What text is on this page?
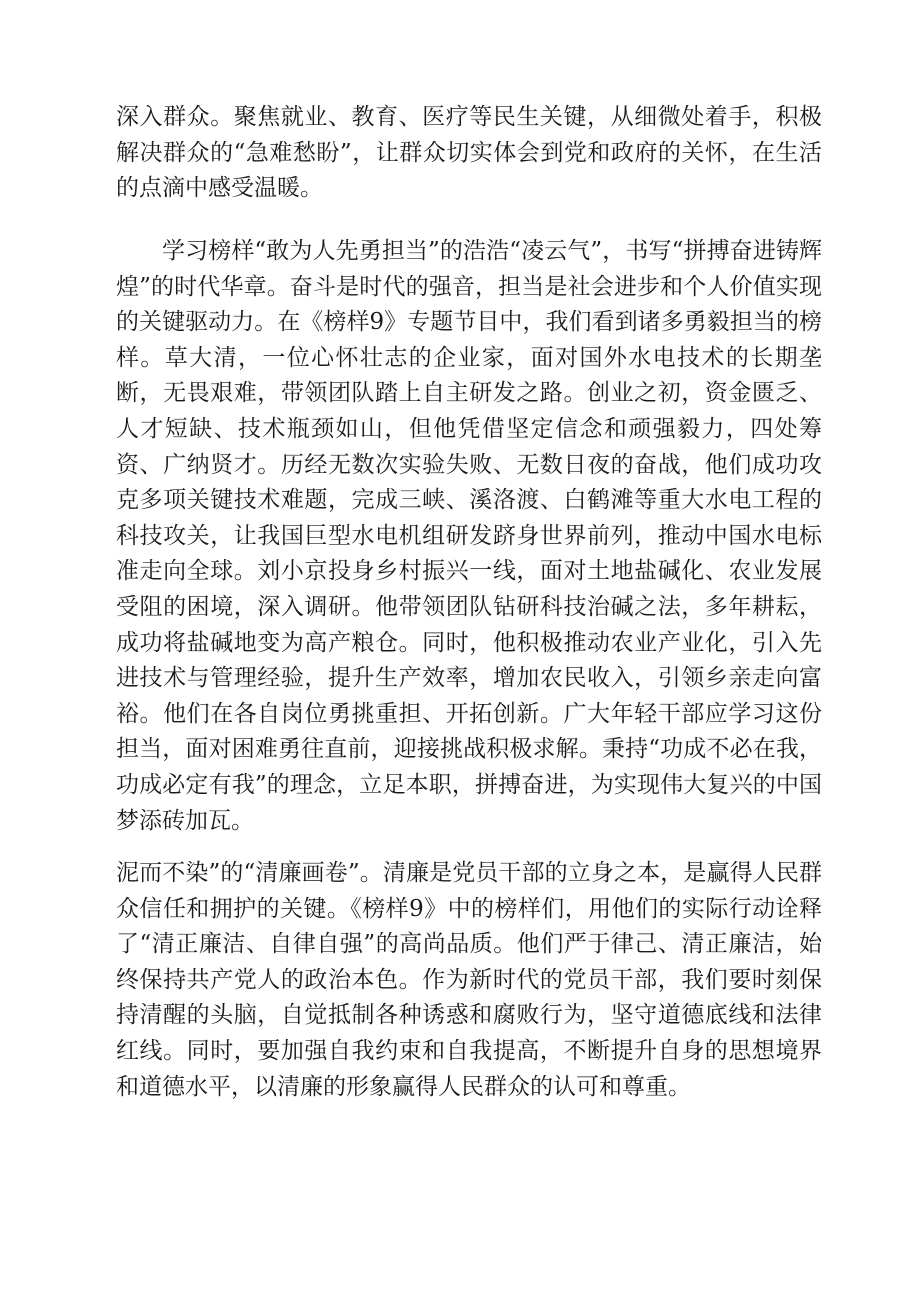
深入群众。聚焦就业、教育、医疗等民生关键，从细微处着手，积极解决群众的“急难愁盼”，让群众切实体会到党和政府的关怀，在生活的点滴中感受温暖。

学习榜样“敢为人先勇担当”的浩浩“凌云气”，书写“拼搏奋进铸辉煌”的时代华章。奋斗是时代的强音，担当是社会进步和个人价值实现的关键驱动力。在《榜样9》专题节目中，我们看到诸多勇毅担当的榜样。草大清，一位心怀壮志的企业家，面对国外水电技术的长期垄断，无畏艰难，带领团队踏上自主研发之路。创业之初，资金匮乏、人才短缺、技术瓶颈如山，但他凭借坚定信念和顽强毅力，四处筹资、广纳贤才。历经无数次实验失败、无数日夜的奋战，他们成功攻克多项关键技术难题，完成三峡、溪洛渡、白鹤滩等重大水电工程的科技攻关，让我国巨型水电机组研发跻身世界前列，推动中国水电标准走向全球。刘小京投身乡村振兴一线，面对土地盐碱化、农业发展受阻的困境，深入调研。他带领团队钻研科技治碱之法，多年耕耘，成功将盐碱地变为高产粮仓。同时，他积极推动农业产业化，引入先进技术与管理经验，提升生产效率，增加农民收入，引领乡亲走向富裕。他们在各自岗位勇挑重担、开拓创新。广大年轻干部应学习这份担当，面对困难勇往直前，迎接挑战积极求解。秉持“功成不必在我，功成必定有我”的理念，立足本职，拼搏奋进，为实现伟大复兴的中国梦添砖加瓦。

泥而不染”的“清廉画卷”。清廉是党员干部的立身之本，是赢得人民群众信任和拥护的关键。《榜样9》中的榜样们，用他们的实际行动诠释了“清正廉洁、自律自强”的高尚品质。他们严于律己、清正廉洁，始终保持共产党人的政治本色。作为新时代的党员干部，我们要时刻保持清醒的头脑，自觉抵制各种诱惑和腐败行为，坚守道德底线和法律红线。同时，要加强自我约束和自我提高，不断提升自身的思想境界和道德水平，以清廉的形象赢得人民群众的认可和尊重。
